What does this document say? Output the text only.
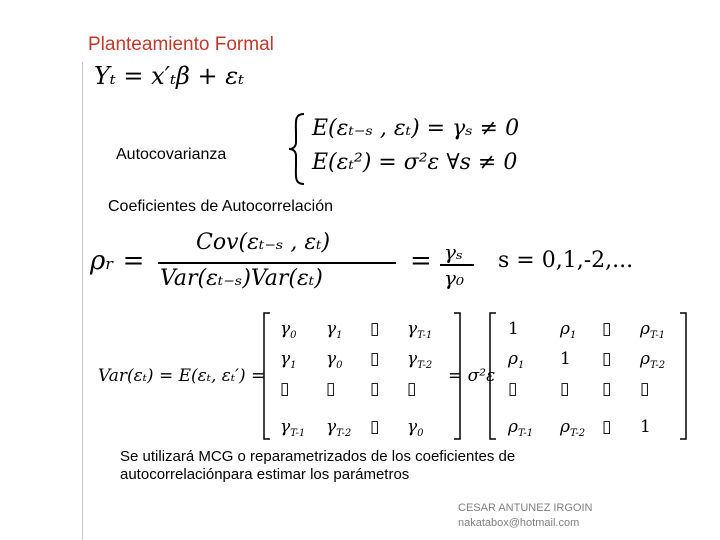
Planteamiento Formal
Yₜ = x′ₜβ + εₜ
Autocovarianza
E(εₜ₋ₛ , εₜ) = γₛ ≠ 0
E(εₜ²) = σ²ε ∀s ≠ 0
Coeficientes de Autocorrelación
ρᵣ =
Cov(εₜ₋ₛ , εₜ)
Var(εₜ₋ₛ)Var(εₜ)
= γₛ
γ₀
s = 0,1,-2,...
Var(εₜ) = E(εₜ, εₜ′) =	= σ²ε
$\gamma_0$ $\gamma_1$ ▯ $\gamma_{T-1}$
$\gamma_1$ $\gamma_0$ ▯ $\gamma_{T-2}$
▯ ▯ ▯ ▯
$\gamma_{T-1}$ $\gamma_{T-2}$ ▯ $\gamma_0$
1 $\rho_1$ ▯ $\rho_{T-1}$
$\rho_1$ 1 ▯ $\rho_{T-2}$
▯	▯ ▯ ▯
$\rho_{T-1}$ $\rho_{T-2}$ ▯ 1
Se utilizará MCG o reparametrizados de los coeficientes de autocorrelaciónpara estimar los parámetros
CESAR ANTUNEZ IRGOIN
nakatabox@hotmail.com
